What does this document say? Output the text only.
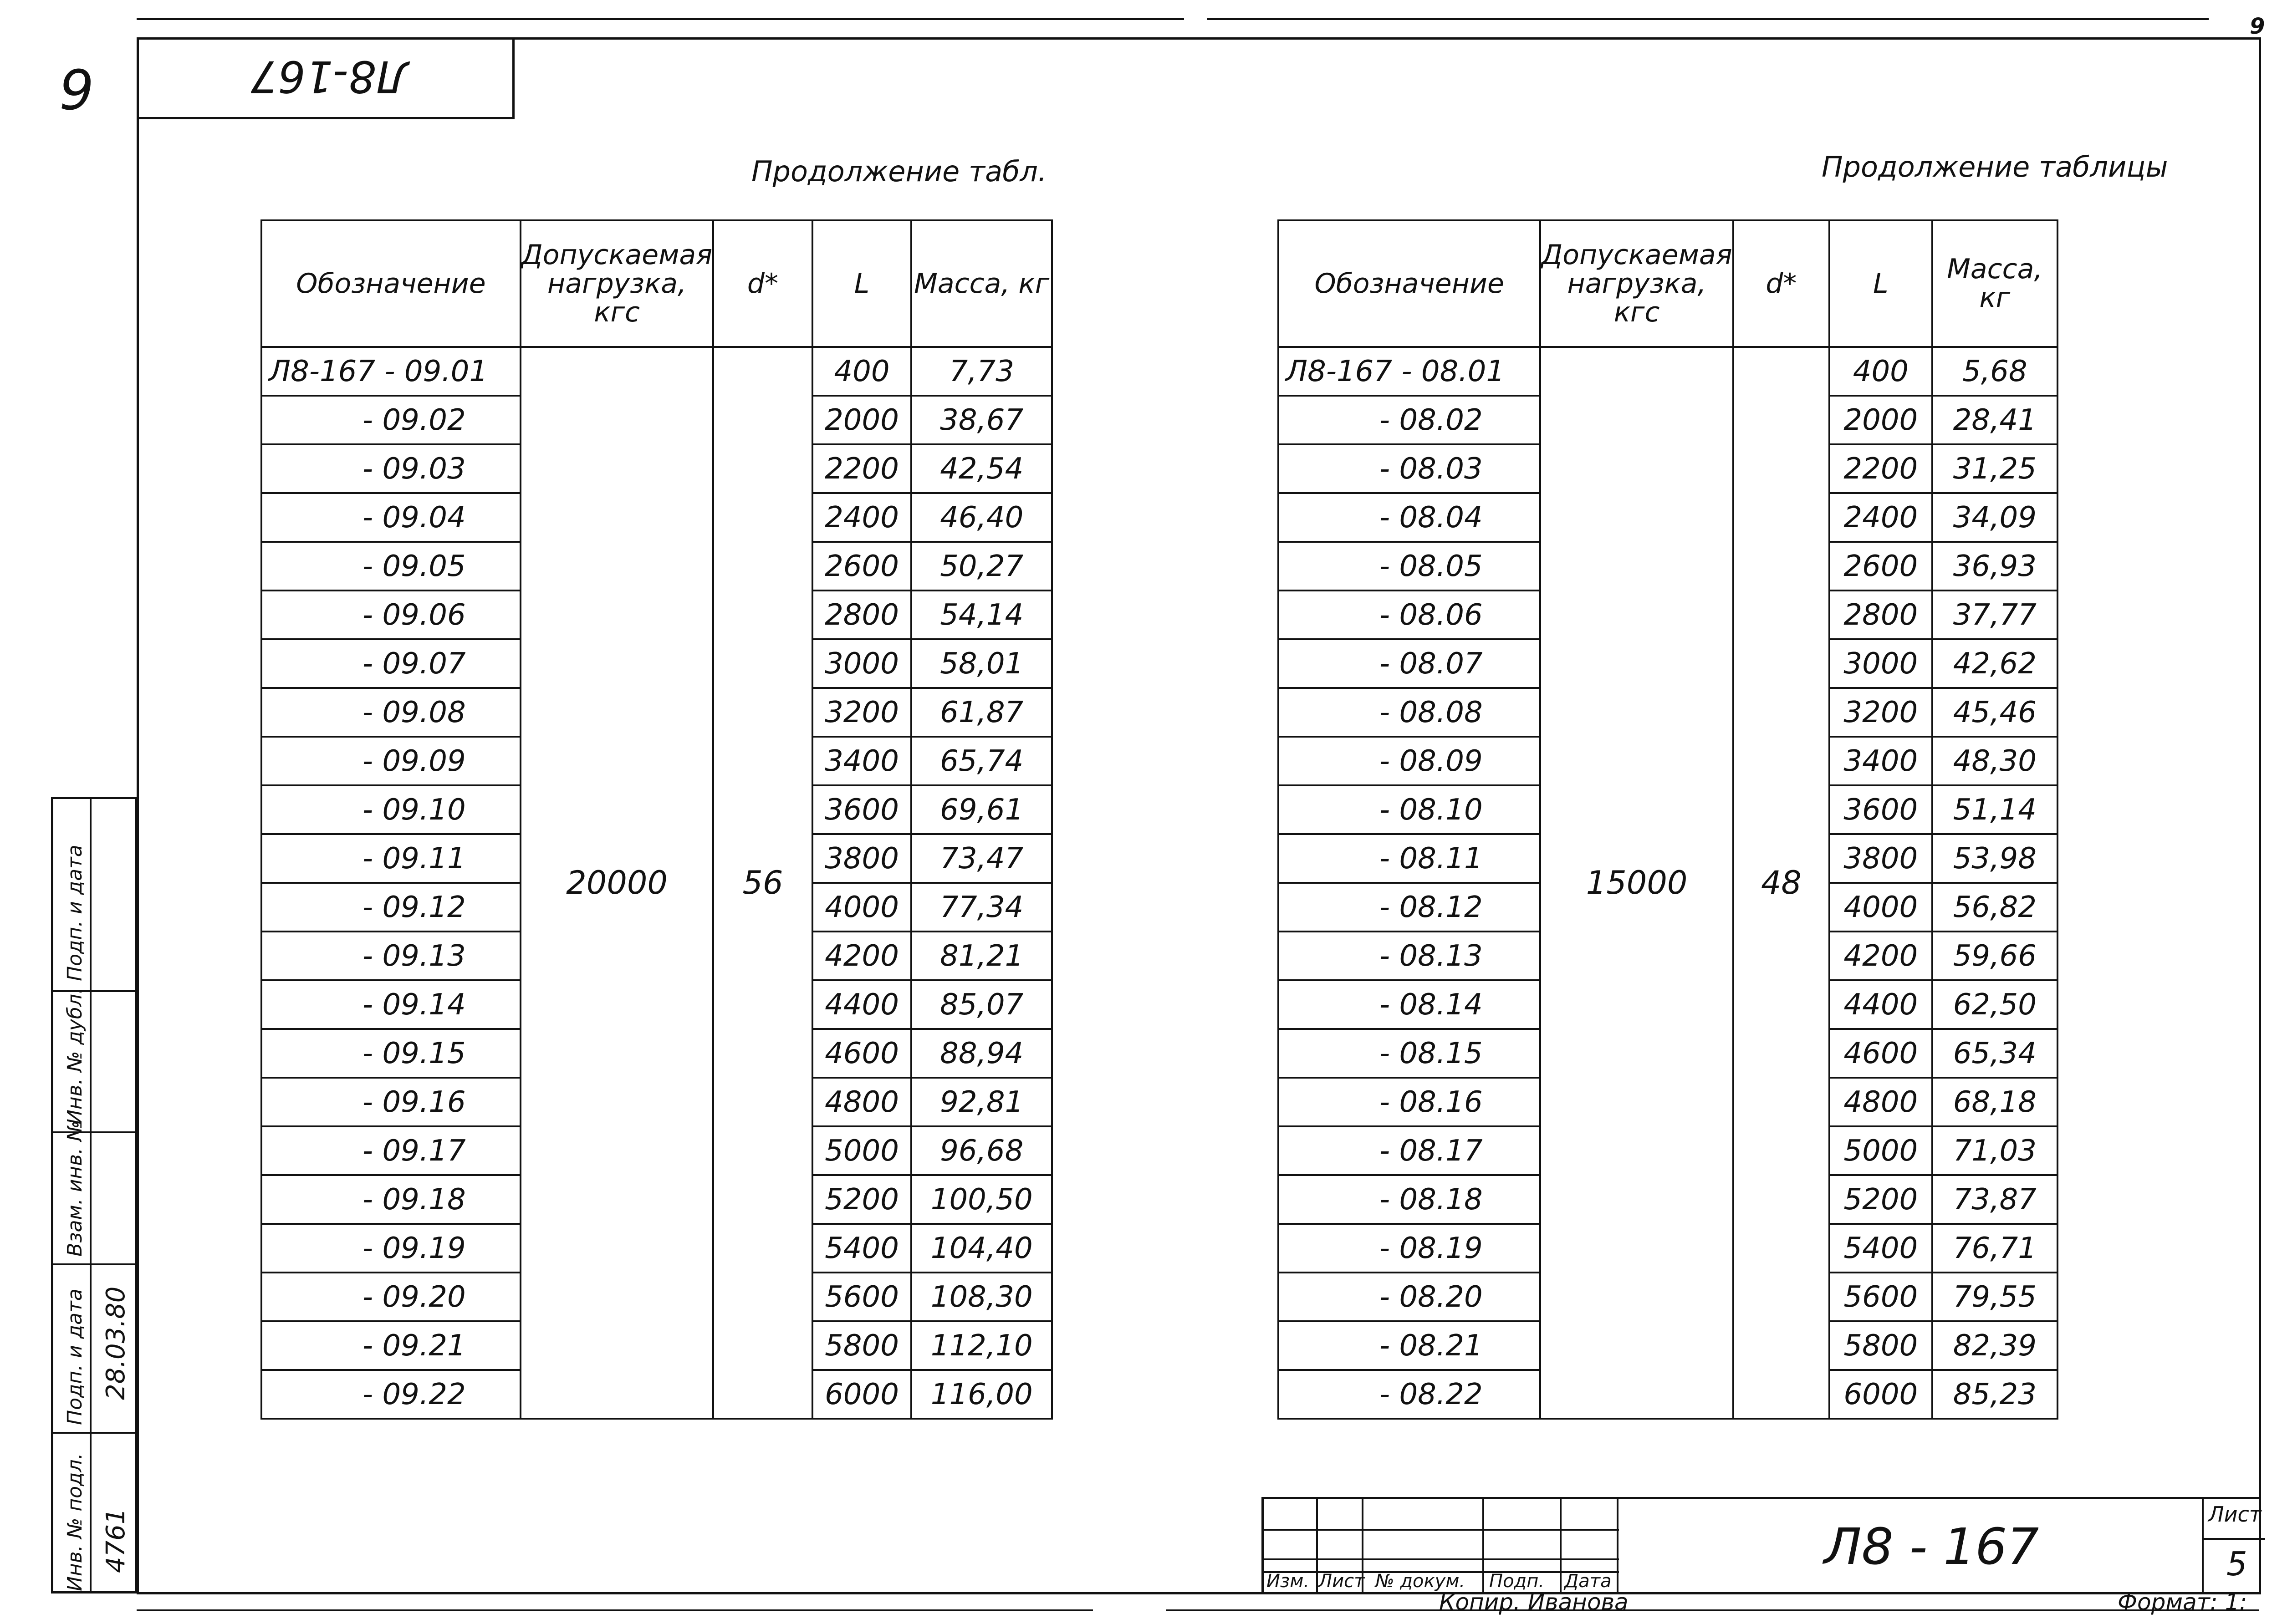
9
9
Л8-167
Продолжение табл.	Продолжение таблицы
Обозначение	Допускаемая нагрузка, кгс	d*	L	Масса, кг
Л8-167 - 09.01	20000	56	400	7,73
- 09.02			2000	38,67
- 09.03			2200	42,54
- 09.04			2400	46,40
- 09.05			2600	50,27
- 09.06			2800	54,14
- 09.07			3000	58,01
- 09.08			3200	61,87
- 09.09			3400	65,74
- 09.10			3600	69,61
- 09.11			3800	73,47
- 09.12			4000	77,34
- 09.13			4200	81,21
- 09.14			4400	85,07
- 09.15			4600	88,94
- 09.16			4800	92,81
- 09.17			5000	96,68
- 09.18			5200	100,50
- 09.19			5400	104,40
- 09.20			5600	108,30
- 09.21			5800	112,10
- 09.22			6000	116,00
Обозначение	Допускаемая нагрузка, кгс	d*	L	Масса, кг
Л8-167 - 08.01	15000	48	400	5,68
- 08.02			2000	28,41
- 08.03			2200	31,25
- 08.04			2400	34,09
- 08.05			2600	36,93
- 08.06			2800	37,77
- 08.07			3000	42,62
- 08.08			3200	45,46
- 08.09			3400	48,30
- 08.10			3600	51,14
- 08.11			3800	53,98
- 08.12			4000	56,82
- 08.13			4200	59,66
- 08.14			4400	62,50
- 08.15			4600	65,34
- 08.16			4800	68,18
- 08.17			5000	71,03
- 08.18			5200	73,87
- 08.19			5400	76,71
- 08.20			5600	79,55
- 08.21			5800	82,39
- 08.22			6000	85,23
Подп. и дата
Инв. № дубл.
Взам. инв. №
Подп. и дата
Инв. № подл.
28.03.80
4761
Изм. Лист № докум. Подп. Дата
Л8 - 167
Лист
5
Копир. Иванова	Формат: 1:
